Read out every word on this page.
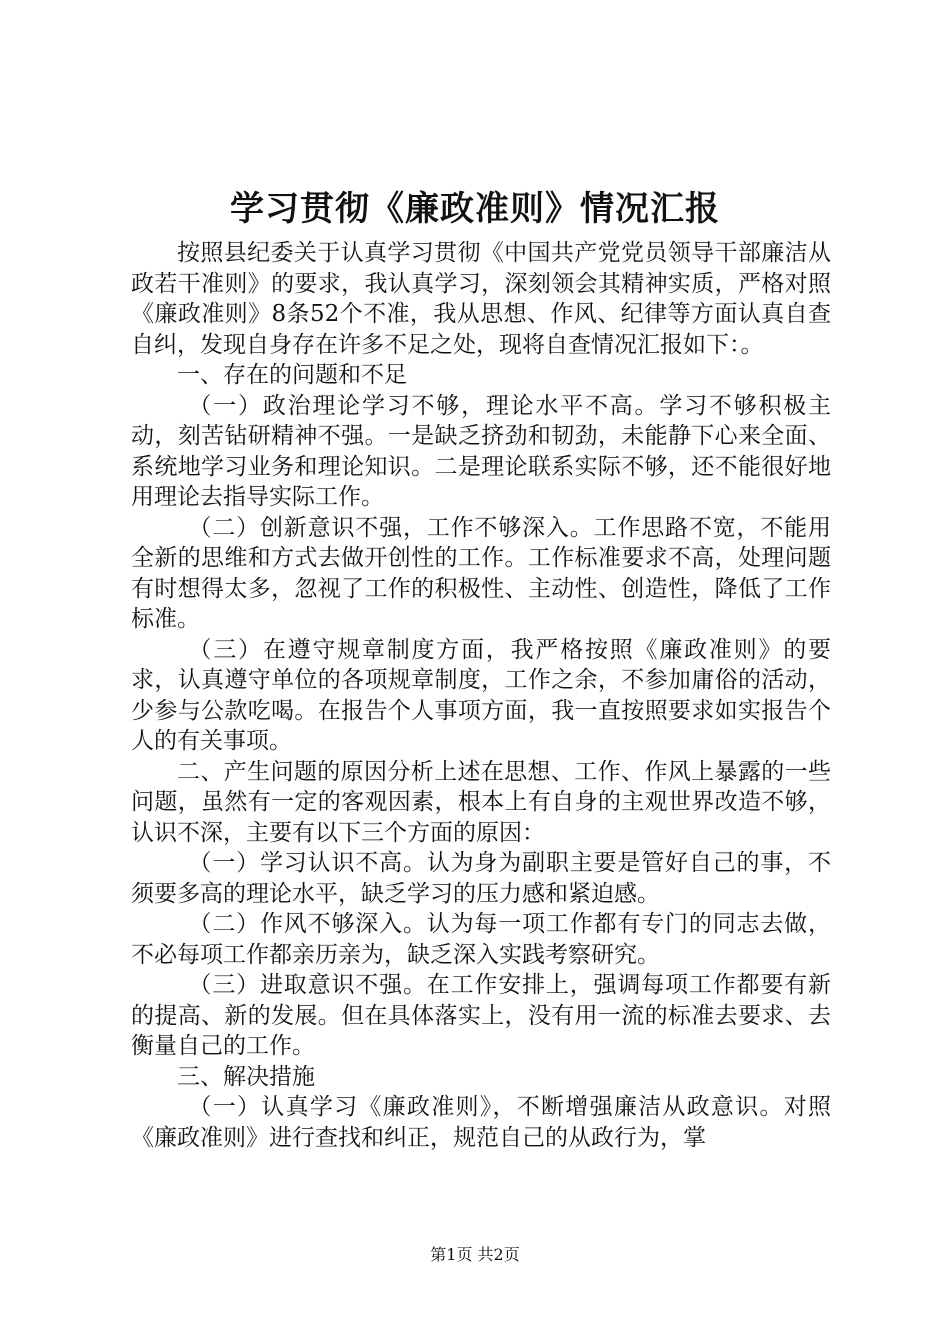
学习贯彻《廉政准则》情况汇报

按照县纪委关于认真学习贯彻《中国共产党党员领导干部廉洁从政若干准则》的要求，我认真学习，深刻领会其精神实质，严格对照《廉政准则》8条52个不准，我从思想、作风、纪律等方面认真自查自纠，发现自身存在许多不足之处，现将自查情况汇报如下：。

一、存在的问题和不足

（一）政治理论学习不够，理论水平不高。学习不够积极主动，刻苦钻研精神不强。一是缺乏挤劲和韧劲，未能静下心来全面、系统地学习业务和理论知识。二是理论联系实际不够，还不能很好地用理论去指导实际工作。

（二）创新意识不强，工作不够深入。工作思路不宽，不能用全新的思维和方式去做开创性的工作。工作标准要求不高，处理问题有时想得太多，忽视了工作的积极性、主动性、创造性，降低了工作标准。

（三）在遵守规章制度方面，我严格按照《廉政准则》的要求，认真遵守单位的各项规章制度，工作之余，不参加庸俗的活动，少参与公款吃喝。在报告个人事项方面，我一直按照要求如实报告个人的有关事项。

二、产生问题的原因分析上述在思想、工作、作风上暴露的一些问题，虽然有一定的客观因素，根本上有自身的主观世界改造不够，认识不深，主要有以下三个方面的原因：

（一）学习认识不高。认为身为副职主要是管好自己的事，不须要多高的理论水平，缺乏学习的压力感和紧迫感。

（二）作风不够深入。认为每一项工作都有专门的同志去做，不必每项工作都亲历亲为，缺乏深入实践考察研究。

（三）进取意识不强。在工作安排上，强调每项工作都要有新的提高、新的发展。但在具体落实上，没有用一流的标准去要求、去衡量自己的工作。

三、解决措施

（一）认真学习《廉政准则》，不断增强廉洁从政意识。对照《廉政准则》进行查找和纠正，规范自己的从政行为，掌

第1页 共2页
